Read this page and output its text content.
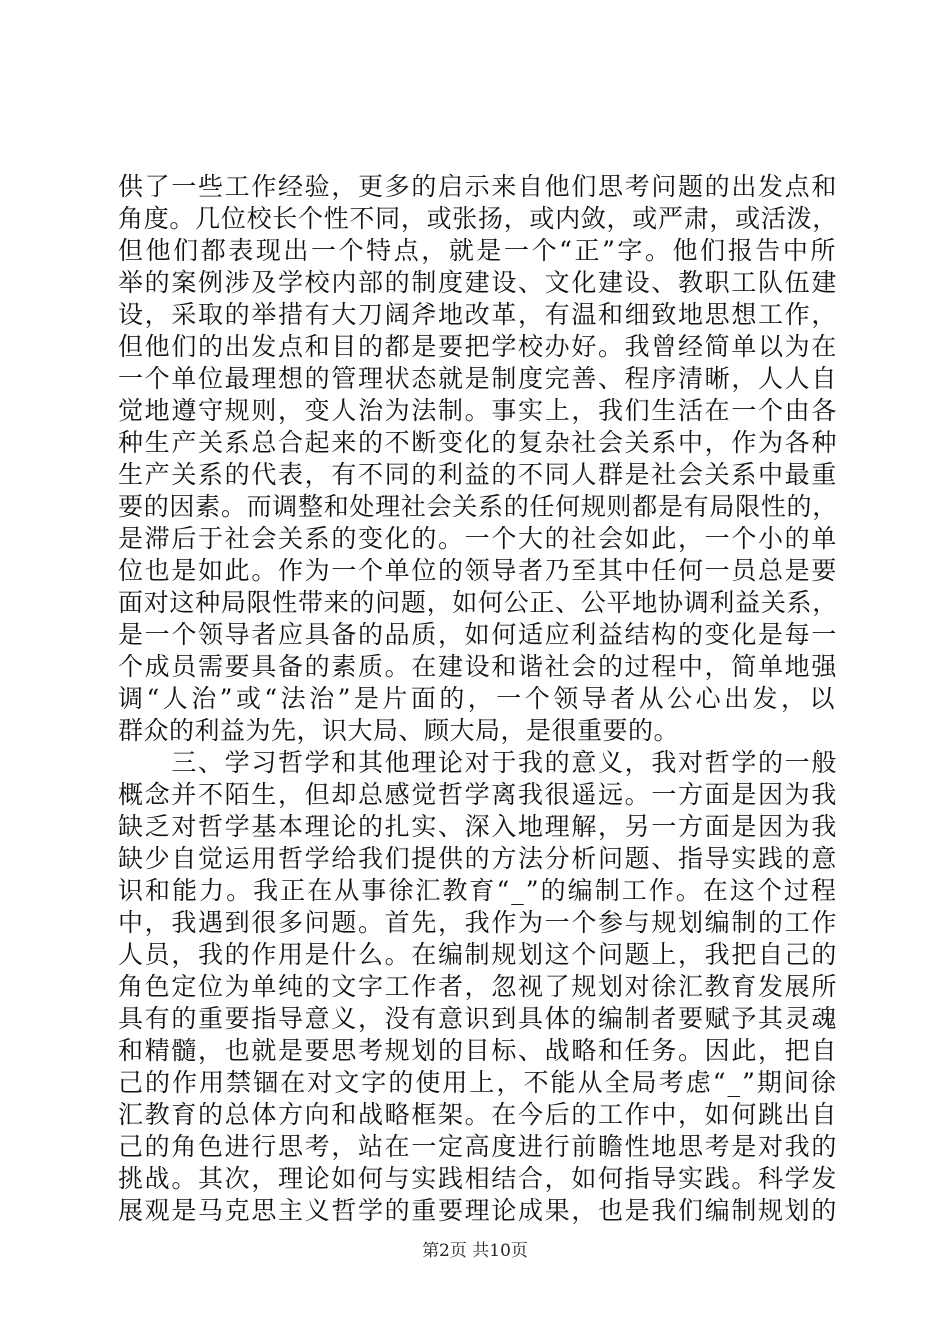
供了一些工作经验，更多的启示来自他们思考问题的出发点和
角度。几位校长个性不同，或张扬，或内敛，或严肃，或活泼，
但他们都表现出一个特点，就是一个“正”字。他们报告中所
举的案例涉及学校内部的制度建设、文化建设、教职工队伍建
设，采取的举措有大刀阔斧地改革，有温和细致地思想工作，
但他们的出发点和目的都是要把学校办好。我曾经简单以为在
一个单位最理想的管理状态就是制度完善、程序清晰，人人自
觉地遵守规则，变人治为法制。事实上，我们生活在一个由各
种生产关系总合起来的不断变化的复杂社会关系中，作为各种
生产关系的代表，有不同的利益的不同人群是社会关系中最重
要的因素。而调整和处理社会关系的任何规则都是有局限性的，
是滞后于社会关系的变化的。一个大的社会如此，一个小的单
位也是如此。作为一个单位的领导者乃至其中任何一员总是要
面对这种局限性带来的问题，如何公正、公平地协调利益关系，
是一个领导者应具备的品质，如何适应利益结构的变化是每一
个成员需要具备的素质。在建设和谐社会的过程中，简单地强
调“人治”或“法治”是片面的，一个领导者从公心出发，以
群众的利益为先，识大局、顾大局，是很重要的。
　　三、学习哲学和其他理论对于我的意义，我对哲学的一般
概念并不陌生，但却总感觉哲学离我很遥远。一方面是因为我
缺乏对哲学基本理论的扎实、深入地理解，另一方面是因为我
缺少自觉运用哲学给我们提供的方法分析问题、指导实践的意
识和能力。我正在从事徐汇教育“_”的编制工作。在这个过程
中，我遇到很多问题。首先，我作为一个参与规划编制的工作
人员，我的作用是什么。在编制规划这个问题上，我把自己的
角色定位为单纯的文字工作者，忽视了规划对徐汇教育发展所
具有的重要指导意义，没有意识到具体的编制者要赋予其灵魂
和精髓，也就是要思考规划的目标、战略和任务。因此，把自
己的作用禁锢在对文字的使用上，不能从全局考虑“_”期间徐
汇教育的总体方向和战略框架。在今后的工作中，如何跳出自
己的角色进行思考，站在一定高度进行前瞻性地思考是对我的
挑战。其次，理论如何与实践相结合，如何指导实践。科学发
展观是马克思主义哲学的重要理论成果，也是我们编制规划的
第2页 共10页
